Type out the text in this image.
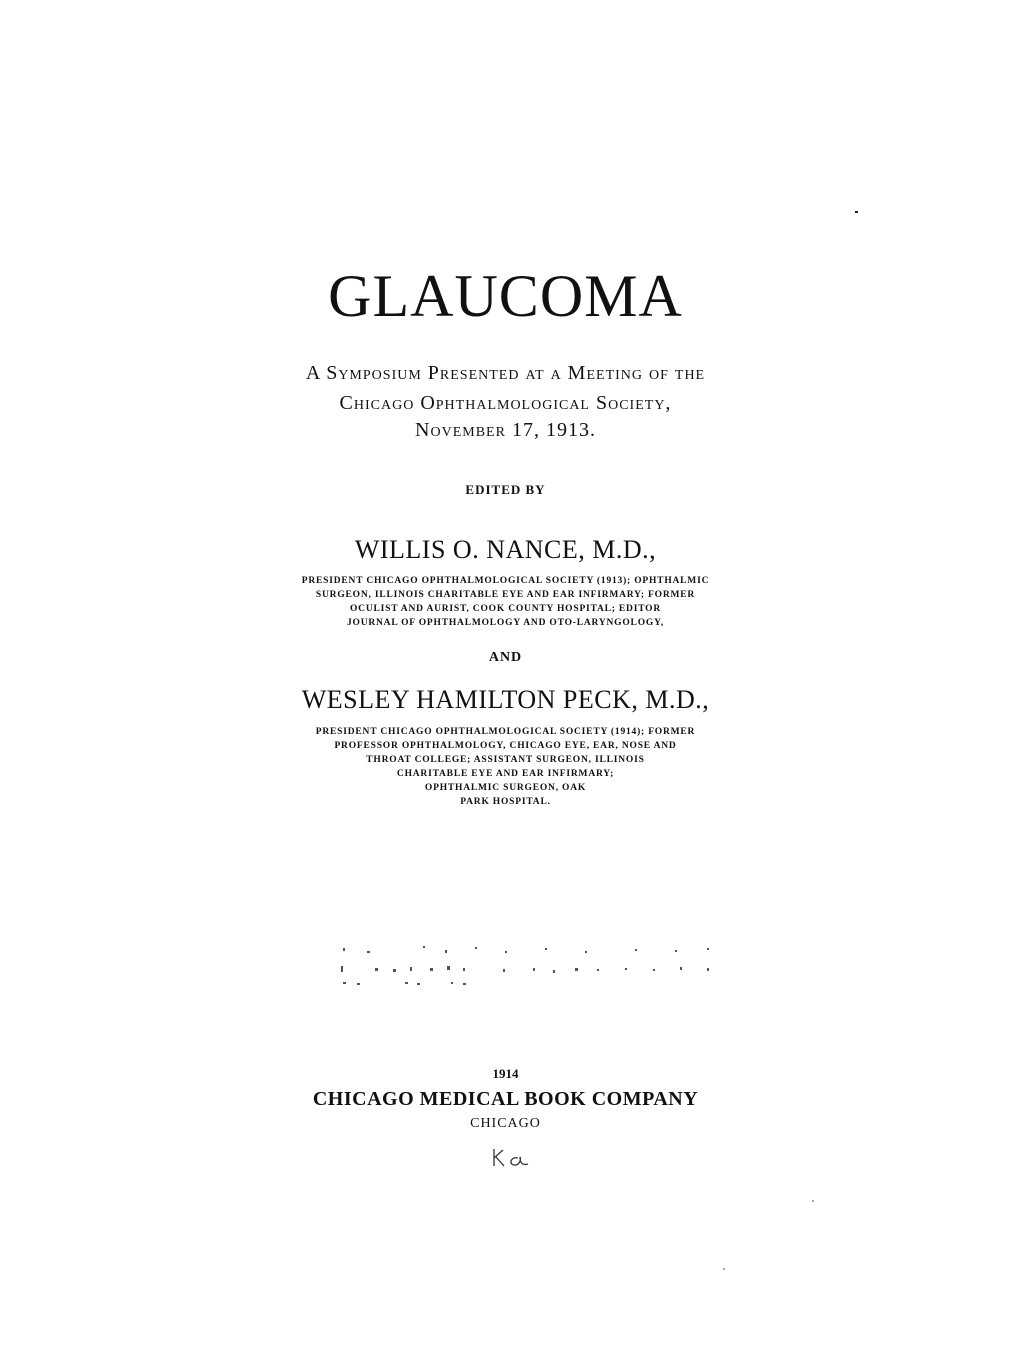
GLAUCOMA
A Symposium Presented at a Meeting of the
Chicago Ophthalmological Society,
November 17, 1913.
EDITED BY
WILLIS O. NANCE, M.D.,
PRESIDENT CHICAGO OPHTHALMOLOGICAL SOCIETY (1913); OPHTHALMIC
SURGEON, ILLINOIS CHARITABLE EYE AND EAR INFIRMARY; FORMER
OCULIST AND AURIST, COOK COUNTY HOSPITAL; EDITOR
JOURNAL OF OPHTHALMOLOGY AND OTO-LARYNGOLOGY,
AND
WESLEY HAMILTON PECK, M.D.,
PRESIDENT CHICAGO OPHTHALMOLOGICAL SOCIETY (1914); FORMER
PROFESSOR OPHTHALMOLOGY, CHICAGO EYE, EAR, NOSE AND
THROAT COLLEGE; ASSISTANT SURGEON, ILLINOIS
CHARITABLE EYE AND EAR INFIRMARY;
OPHTHALMIC SURGEON, OAK
PARK HOSPITAL.
1914
CHICAGO MEDICAL BOOK COMPANY
CHICAGO
